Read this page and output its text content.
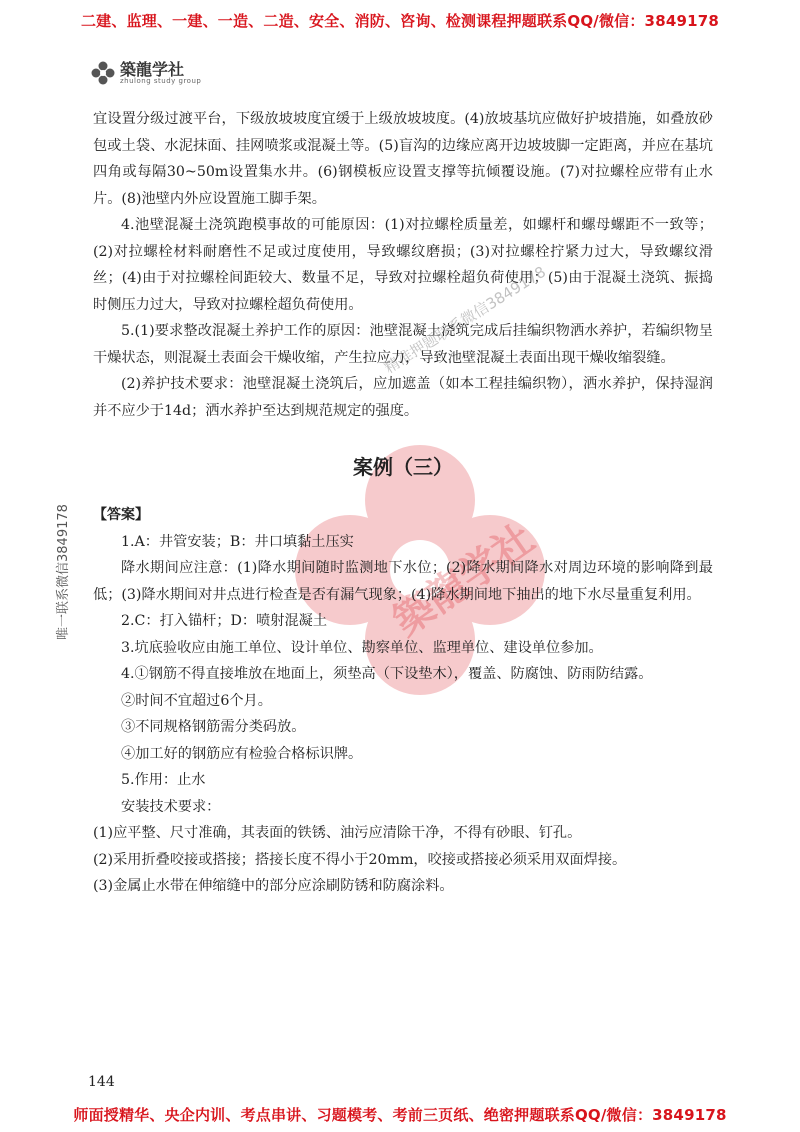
二建、监理、一建、一造、二造、安全、消防、咨询、检测课程押题联系QQ/微信：3849178
築龍学社
zhulong study group
精准押题联系微信3849178
唯一联系微信3849178	築龍学社

宜设置分级过渡平台，下级放坡坡度宜缓于上级放坡坡度。(4)放坡基坑应做好护坡措施，如叠放砂包或土袋、水泥抹面、挂网喷浆或混凝土等。(5)盲沟的边缘应离开边坡坡脚一定距离，并应在基坑四角或每隔30~50m设置集水井。(6)钢模板应设置支撑等抗倾覆设施。(7)对拉螺栓应带有止水片。(8)池壁内外应设置施工脚手架。

4.池壁混凝土浇筑跑模事故的可能原因：(1)对拉螺栓质量差，如螺杆和螺母螺距不一致等；(2)对拉螺栓材料耐磨性不足或过度使用，导致螺纹磨损；(3)对拉螺栓拧紧力过大，导致螺纹滑丝；(4)由于对拉螺栓间距较大、数量不足，导致对拉螺栓超负荷使用；(5)由于混凝土浇筑、振捣时侧压力过大，导致对拉螺栓超负荷使用。

5.(1)要求整改混凝土养护工作的原因：池壁混凝土浇筑完成后挂编织物洒水养护，若编织物呈干燥状态，则混凝土表面会干燥收缩，产生拉应力，导致池壁混凝土表面出现干燥收缩裂缝。

(2)养护技术要求：池壁混凝土浇筑后，应加遮盖（如本工程挂编织物），洒水养护，保持湿润并不应少于14d；洒水养护至达到规范规定的强度。

案例（三）

【答案】

1.A：井管安装；B：井口填黏土压实

降水期间应注意：(1)降水期间随时监测地下水位；(2)降水期间降水对周边环境的影响降到最低；(3)降水期间对井点进行检查是否有漏气现象；(4)降水期间地下抽出的地下水尽量重复利用。

2.C：打入锚杆；D：喷射混凝土

3.坑底验收应由施工单位、设计单位、勘察单位、监理单位、建设单位参加。

4.①钢筋不得直接堆放在地面上，须垫高（下设垫木），覆盖、防腐蚀、防雨防结露。

②时间不宜超过6个月。

③不同规格钢筋需分类码放。

④加工好的钢筋应有检验合格标识牌。

5.作用：止水

安装技术要求：

(1)应平整、尺寸准确，其表面的铁锈、油污应清除干净，不得有砂眼、钉孔。

(2)采用折叠咬接或搭接；搭接长度不得小于20mm，咬接或搭接必须采用双面焊接。

(3)金属止水带在伸缩缝中的部分应涂刷防锈和防腐涂料。

144
师面授精华、央企内训、考点串讲、习题模考、考前三页纸、绝密押题联系QQ/微信：3849178
